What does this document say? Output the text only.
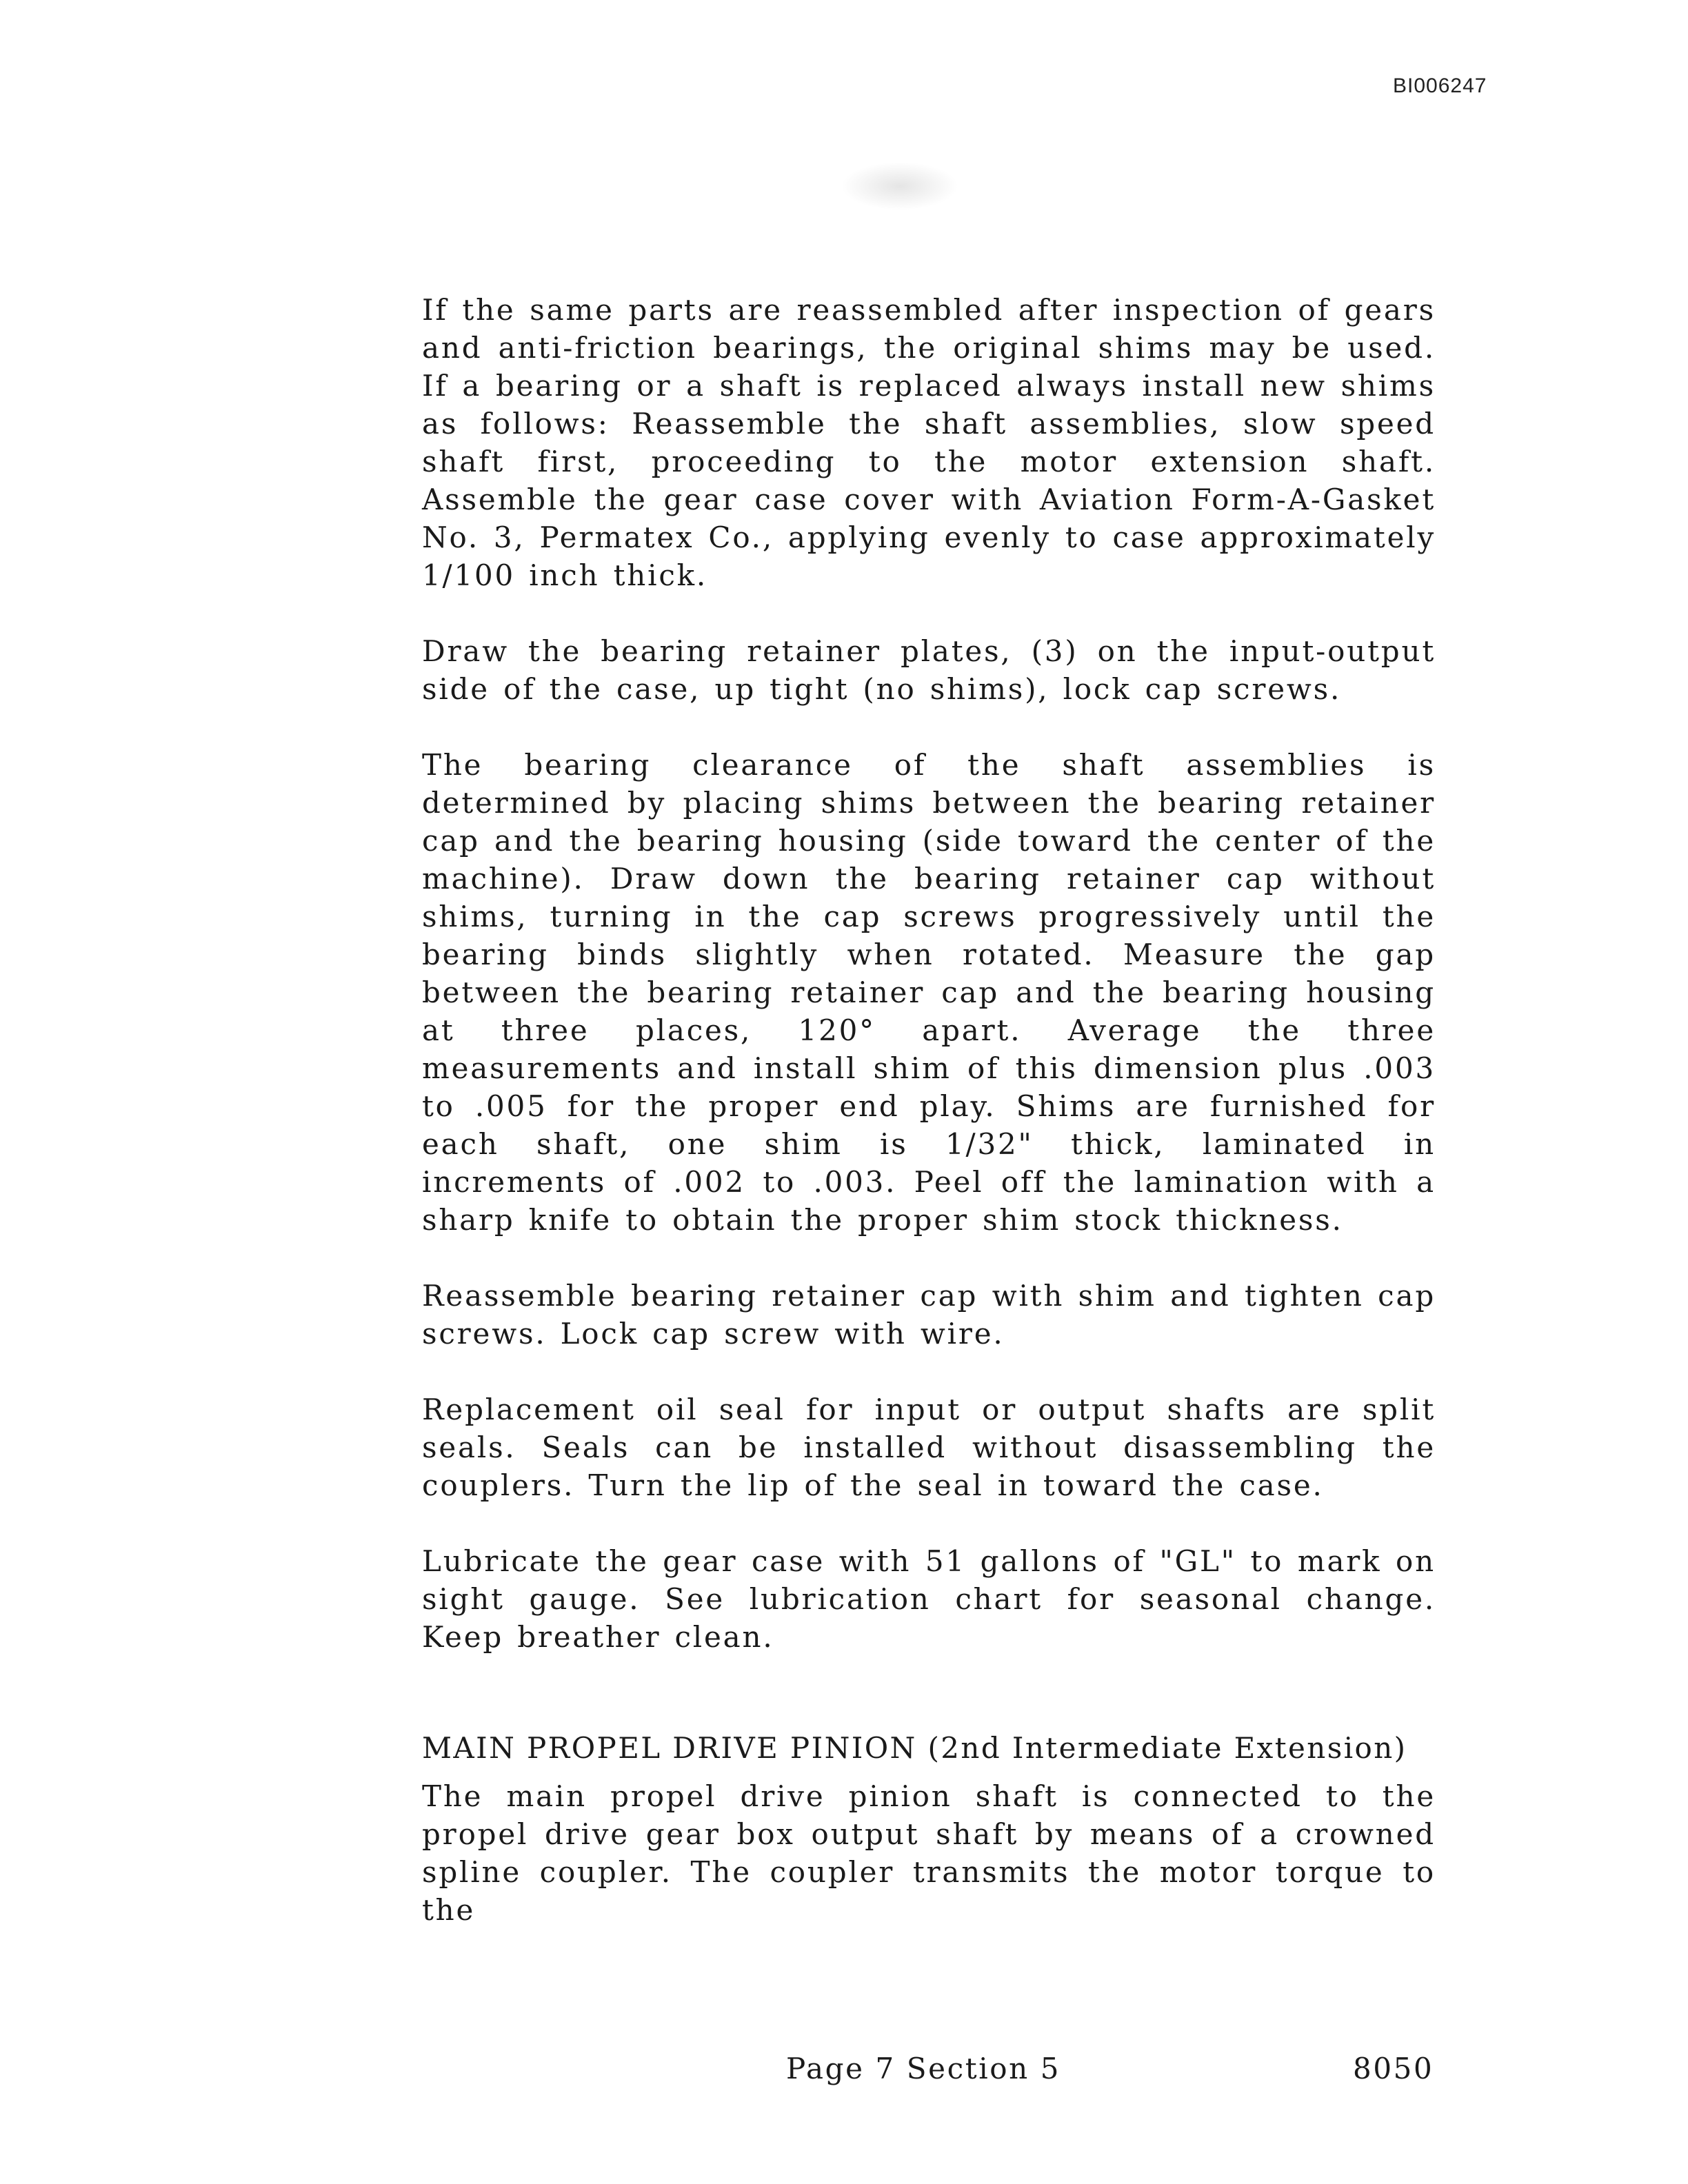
BI006247

If the same parts are reassembled after inspection of gears and anti-friction bearings, the original shims may be used. If a bearing or a shaft is replaced always install new shims as follows: Reassemble the shaft assemblies, slow speed shaft first, proceeding to the motor extension shaft. Assemble the gear case cover with Aviation Form-A-Gasket No. 3, Permatex Co., applying evenly to case approximately 1/100 inch thick.

Draw the bearing retainer plates, (3) on the input-output side of the case, up tight (no shims), lock cap screws.

The bearing clearance of the shaft assemblies is determined by placing shims between the bearing retainer cap and the bearing housing (side toward the center of the machine). Draw down the bearing retainer cap without shims, turning in the cap screws progressively until the bearing binds slightly when rotated. Measure the gap between the bearing retainer cap and the bearing housing at three places, 120° apart. Average the three measurements and install shim of this dimension plus .003 to .005 for the proper end play. Shims are furnished for each shaft, one shim is 1/32" thick, laminated in increments of .002 to .003. Peel off the lamination with a sharp knife to obtain the proper shim stock thickness.

Reassemble bearing retainer cap with shim and tighten cap screws. Lock cap screw with wire.

Replacement oil seal for input or output shafts are split seals. Seals can be installed without disassembling the couplers. Turn the lip of the seal in toward the case.

Lubricate the gear case with 51 gallons of "GL" to mark on sight gauge. See lubrication chart for seasonal change. Keep breather clean.

MAIN PROPEL DRIVE PINION (2nd Intermediate Extension)

The main propel drive pinion shaft is connected to the propel drive gear box output shaft by means of a crowned spline coupler. The coupler transmits the motor torque to the

Page 7 Section 5	8050
